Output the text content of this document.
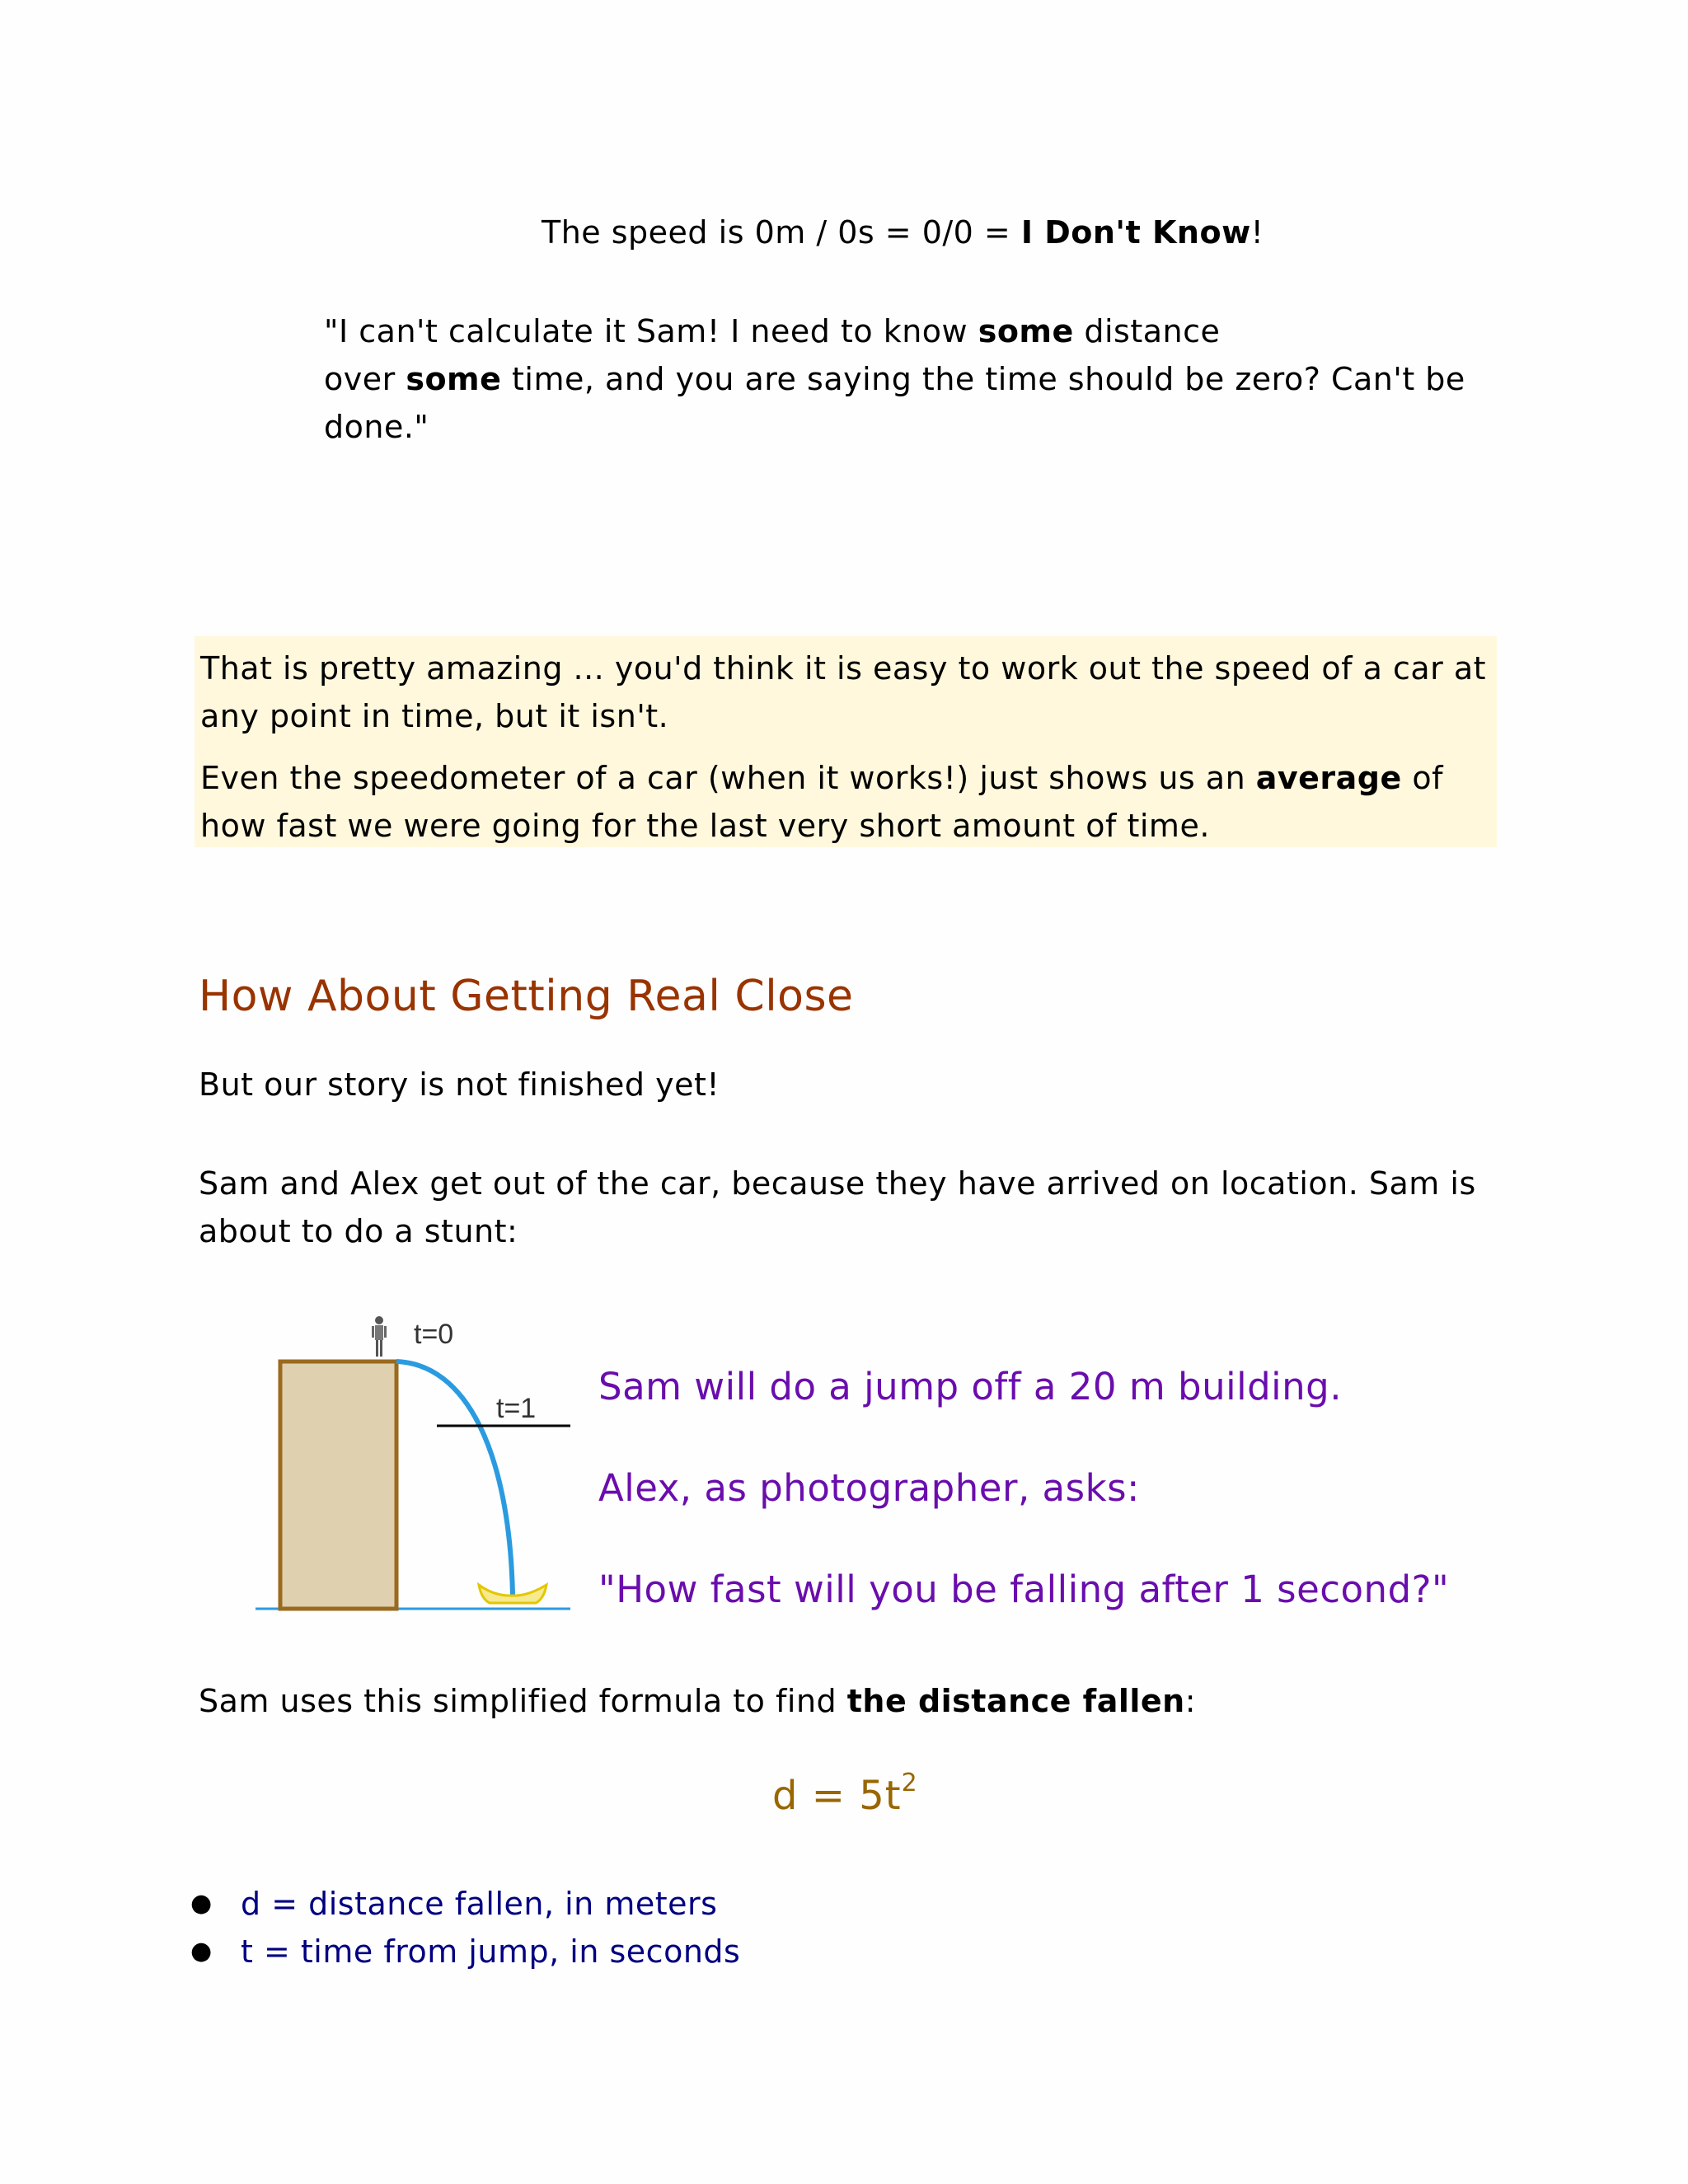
The speed is 0m / 0s = 0/0 = I Don't Know!
"I can't calculate it Sam! I need to know some distance
over some time, and you are saying the time should be zero? Can't be
done."
That is pretty amazing ... you'd think it is easy to work out the speed of a car at
any point in time, but it isn't.
Even the speedometer of a car (when it works!) just shows us an average of
how fast we were going for the last very short amount of time.
How About Getting Real Close
But our story is not finished yet!
Sam and Alex get out of the car, because they have arrived on location. Sam is
about to do a stunt:
t=0
t=1 Sam will do a jump off a 20 m building.
Alex, as photographer, asks:
"How fast will you be falling after 1 second?"
Sam uses this simplified formula to find the distance fallen:
$d = 5t^2$
● d = distance fallen, in meters
● t = time from jump, in seconds
